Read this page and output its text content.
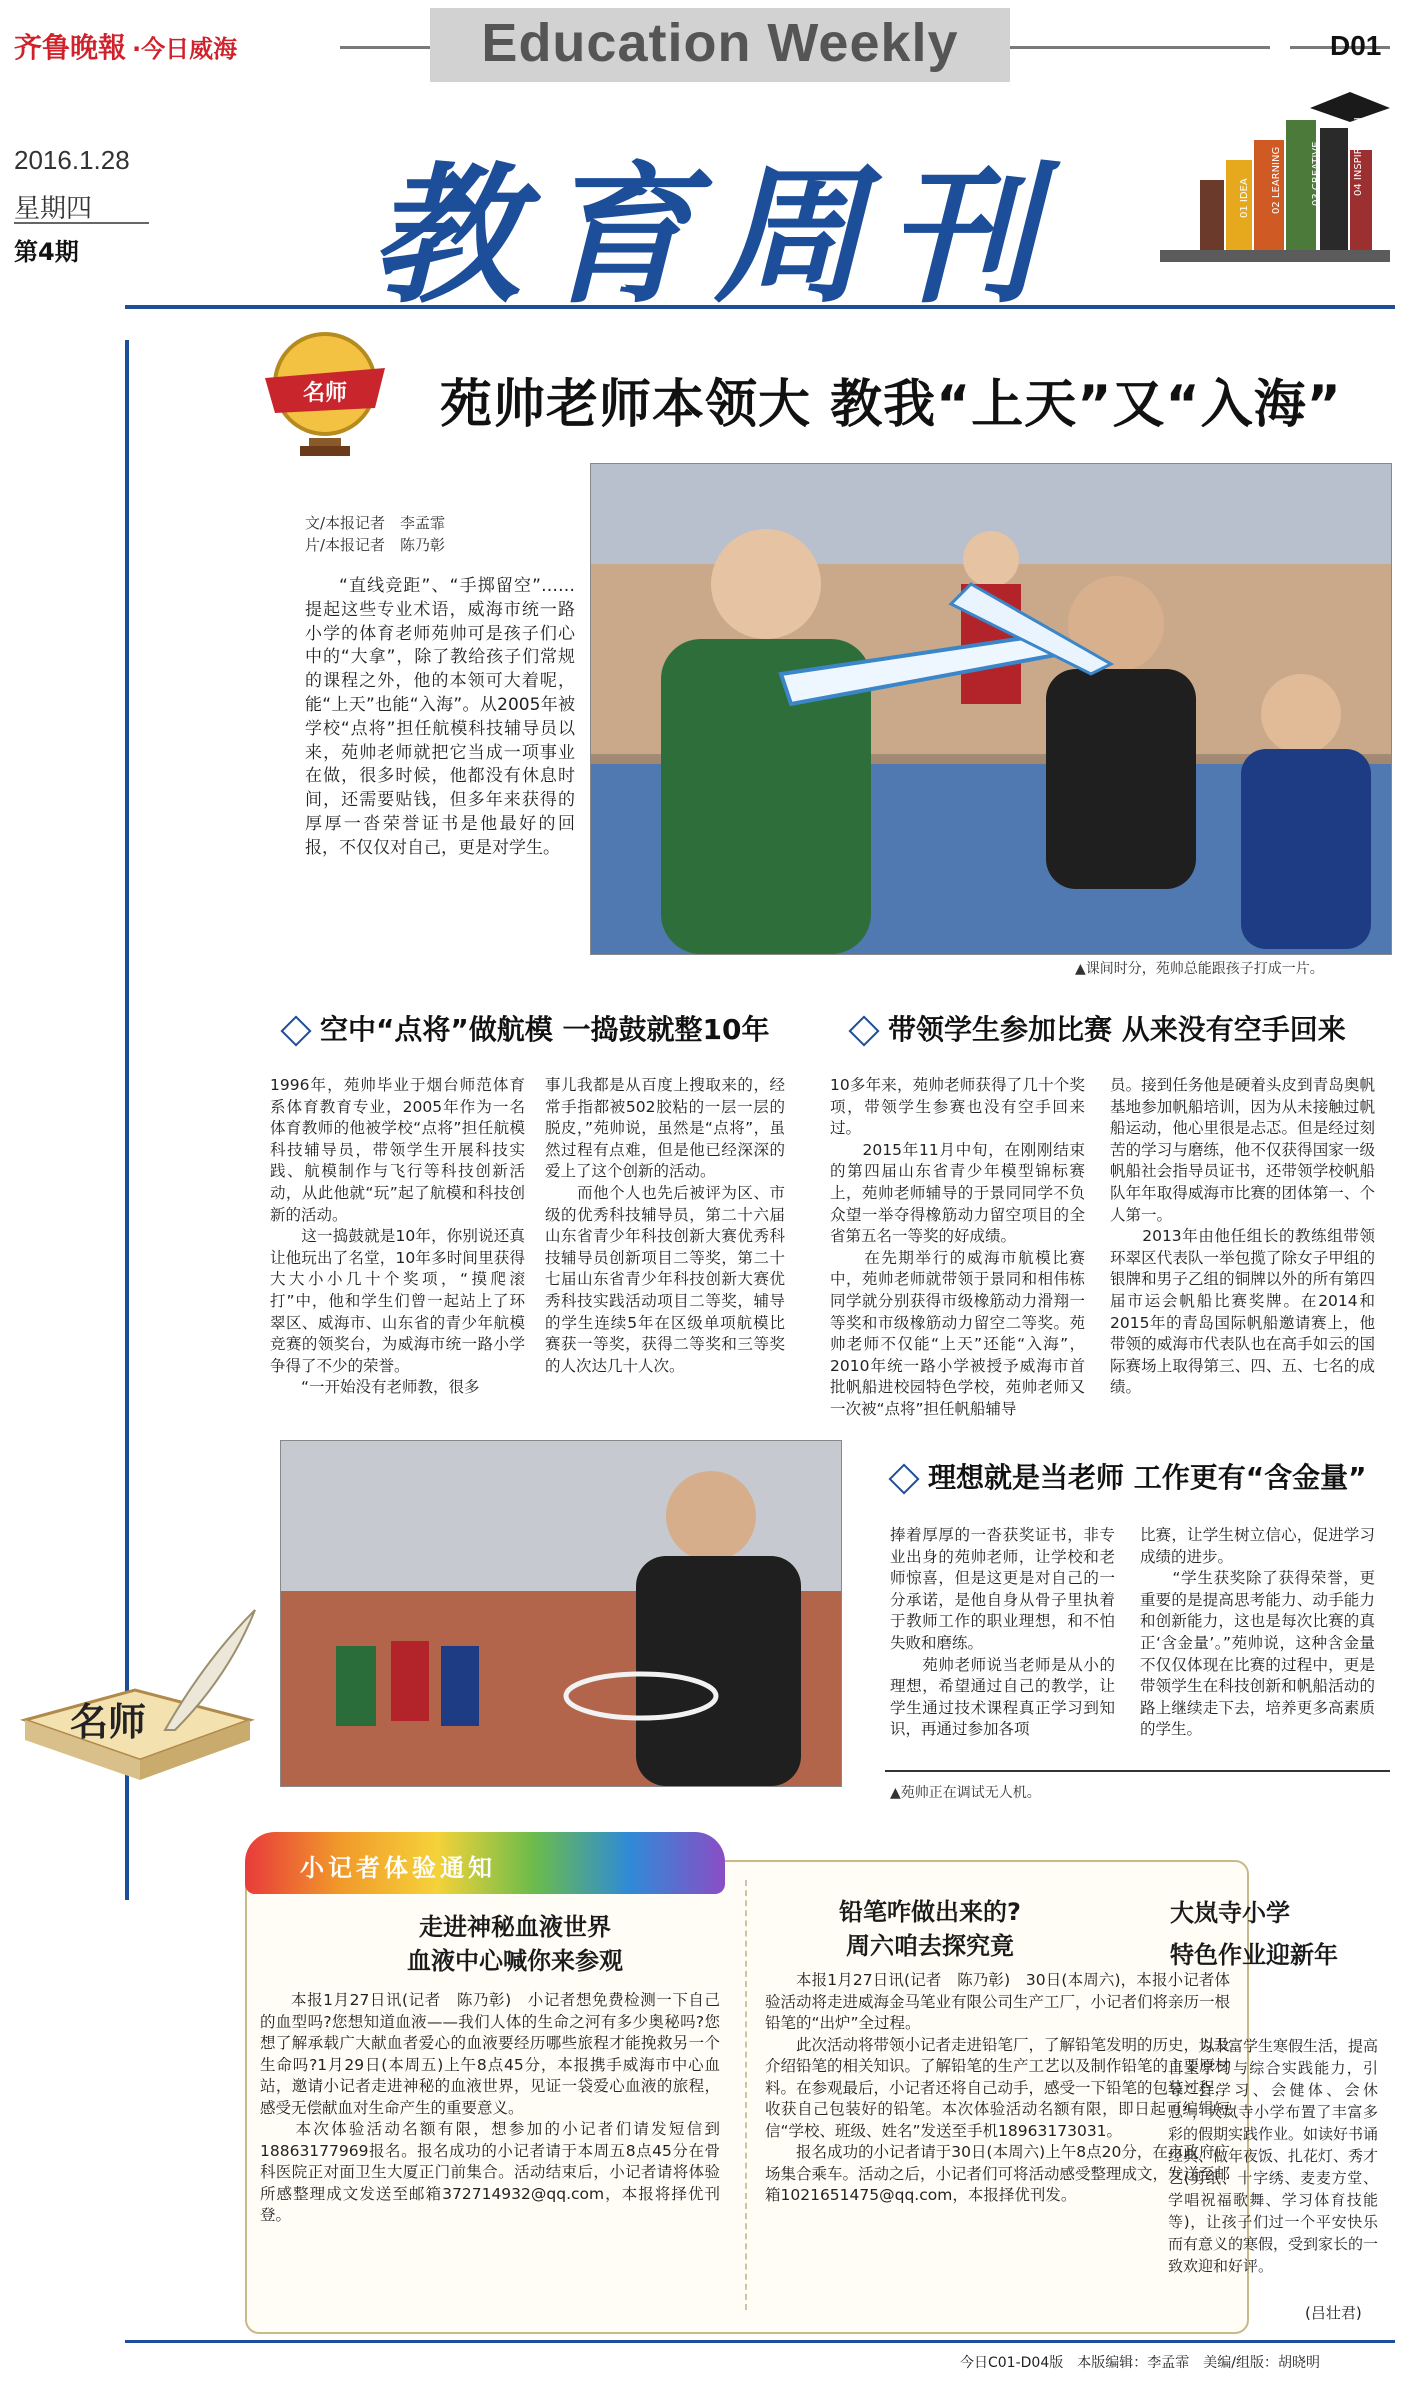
齐鲁晚報 ·今日威海	Education Weekly	D01
2016.1.28
星期四
第4期 教育周刊	01 IDEA 02 LEARNING	03 CREATIVE	04 INSPIRATION
名师 苑帅老师本领大 教我“上天”又“入海”
文/本报记者　李孟霏
片/本报记者　陈乃彰
“直线竞距”、“手掷留空”……提起这些专业术语，威海市统一路小学的体育老师苑帅可是孩子们心中的“大拿”，除了教给孩子们常规的课程之外，他的本领可大着呢，能“上天”也能“入海”。从2005年被学校“点将”担任航模科技辅导员以来，苑帅老师就把它当成一项事业在做，很多时候，他都没有休息时间，还需要贴钱，但多年来获得的厚厚一沓荣誉证书是他最好的回报，不仅仅对自己，更是对学生。
▲课间时分，苑帅总能跟孩子打成一片。
空中“点将”做航模 一捣鼓就整10年
1996年，苑帅毕业于烟台师范体育系体育教育专业，2005年作为一名体育教师的他被学校“点将”担任航模科技辅导员，带领学生开展科技实践、航模制作与飞行等科技创新活动，从此他就“玩”起了航模和科技创新的活动。
　　这一捣鼓就是10年，你别说还真让他玩出了名堂，10年多时间里获得大大小小几十个奖项，“摸爬滚打”中，他和学生们曾一起站上了环翠区、威海市、山东省的青少年航模竞赛的领奖台，为威海市统一路小学争得了不少的荣誉。
　　“一开始没有老师教，很多
事儿我都是从百度上搜取来的，经常手指都被502胶粘的一层一层的脱皮，”苑帅说，虽然是“点将”，虽然过程有点难，但是他已经深深的爱上了这个创新的活动。
　　而他个人也先后被评为区、市级的优秀科技辅导员，第二十六届山东省青少年科技创新大赛优秀科技辅导员创新项目二等奖，第二十七届山东省青少年科技创新大赛优秀科技实践活动项目二等奖，辅导的学生连续5年在区级单项航模比赛获一等奖，获得二等奖和三等奖的人次达几十人次。
带领学生参加比赛 从来没有空手回来
10多年来，苑帅老师获得了几十个奖项，带领学生参赛也没有空手回来过。
　　2015年11月中旬，在刚刚结束的第四届山东省青少年模型锦标赛上，苑帅老师辅导的于景同同学不负众望一举夺得橡筋动力留空项目的全省第五名一等奖的好成绩。
　　在先期举行的威海市航模比赛中，苑帅老师就带领于景同和相伟栋同学就分别获得市级橡筋动力滑翔一等奖和市级橡筋动力留空二等奖。苑帅老师不仅能“上天”还能“入海”，2010年统一路小学被授予威海市首批帆船进校园特色学校，苑帅老师又一次被“点将”担任帆船辅导
员。接到任务他是硬着头皮到青岛奥帆基地参加帆船培训，因为从未接触过帆船运动，他心里很是忐忑。但是经过刻苦的学习与磨练，他不仅获得国家一级帆船社会指导员证书，还带领学校帆船队年年取得威海市比赛的团体第一、个人第一。
　　2013年由他任组长的教练组带领环翠区代表队一举包揽了除女子甲组的银牌和男子乙组的铜牌以外的所有第四届市运会帆船比赛奖牌。在2014和2015年的青岛国际帆船邀请赛上，他带领的威海市代表队也在高手如云的国际赛场上取得第三、四、五、七名的成绩。
理想就是当老师 工作更有“含金量”
捧着厚厚的一沓获奖证书，非专业出身的苑帅老师，让学校和老师惊喜，但是这更是对自己的一分承诺，是他自身从骨子里执着于教师工作的职业理想，和不怕失败和磨练。
　　苑帅老师说当老师是从小的理想，希望通过自己的教学，让学生通过技术课程真正学习到知识，再通过参加各项
比赛，让学生树立信心，促进学习成绩的进步。
　　“学生获奖除了获得荣誉，更重要的是提高思考能力、动手能力和创新能力，这也是每次比赛的真正‘含金量’。”苑帅说，这种含金量不仅仅体现在比赛的过程中，更是带领学生在科技创新和帆船活动的路上继续走下去，培养更多高素质的学生。
▲苑帅正在调试无人机。
名师
小记者体验通知
走进神秘血液世界
血液中心喊你来参观
本报1月27日讯(记者　陈乃彰)　小记者想免费检测一下自己的血型吗?您想知道血液——我们人体的生命之河有多少奥秘吗?您想了解承载广大献血者爱心的血液要经历哪些旅程才能挽救另一个生命吗?1月29日(本周五)上午8点45分，本报携手威海市中心血站，邀请小记者走进神秘的血液世界，见证一袋爱心血液的旅程，感受无偿献血对生命产生的重要意义。
　　本次体验活动名额有限，想参加的小记者们请发短信到18863177969报名。报名成功的小记者请于本周五8点45分在骨科医院正对面卫生大厦正门前集合。活动结束后，小记者请将体验所感整理成文发送至邮箱372714932@qq.com，本报将择优刊登。
铅笔咋做出来的?
周六咱去探究竟
本报1月27日讯(记者　陈乃彰)　30日(本周六)，本报小记者体验活动将走进威海金马笔业有限公司生产工厂，小记者们将亲历一根铅笔的“出炉”全过程。
　　此次活动将带领小记者走进铅笔厂，了解铅笔发明的历史，以及介绍铅笔的相关知识。了解铅笔的生产工艺以及制作铅笔的主要原材料。在参观最后，小记者还将自己动手，感受一下铅笔的包装过程，收获自己包装好的铅笔。本次体验活动名额有限，即日起可编辑短信“学校、班级、姓名”发送至手机18963173031。
　　报名成功的小记者请于30日(本周六)上午8点20分，在市政府广场集合乘车。活动之后，小记者们可将活动感受整理成文，发送至邮箱1021651475@qq.com，本报择优刊发。
大岚寺小学
特色作业迎新年
为丰富学生寒假生活，提高自主学习与综合实践能力，引导“会学习、会健体、会休息”，大岚寺小学布置了丰富多彩的假期实践作业。如读好书诵经典、做年夜饭、扎花灯、秀才艺(剪纸、十字绣、麦麦方堂、学唱祝福歌舞、学习体育技能等)，让孩子们过一个平安快乐而有意义的寒假，受到家长的一致欢迎和好评。
(吕壮君)
今日C01-D04版　本版编辑：李孟霏　美编/组版：胡晓明
